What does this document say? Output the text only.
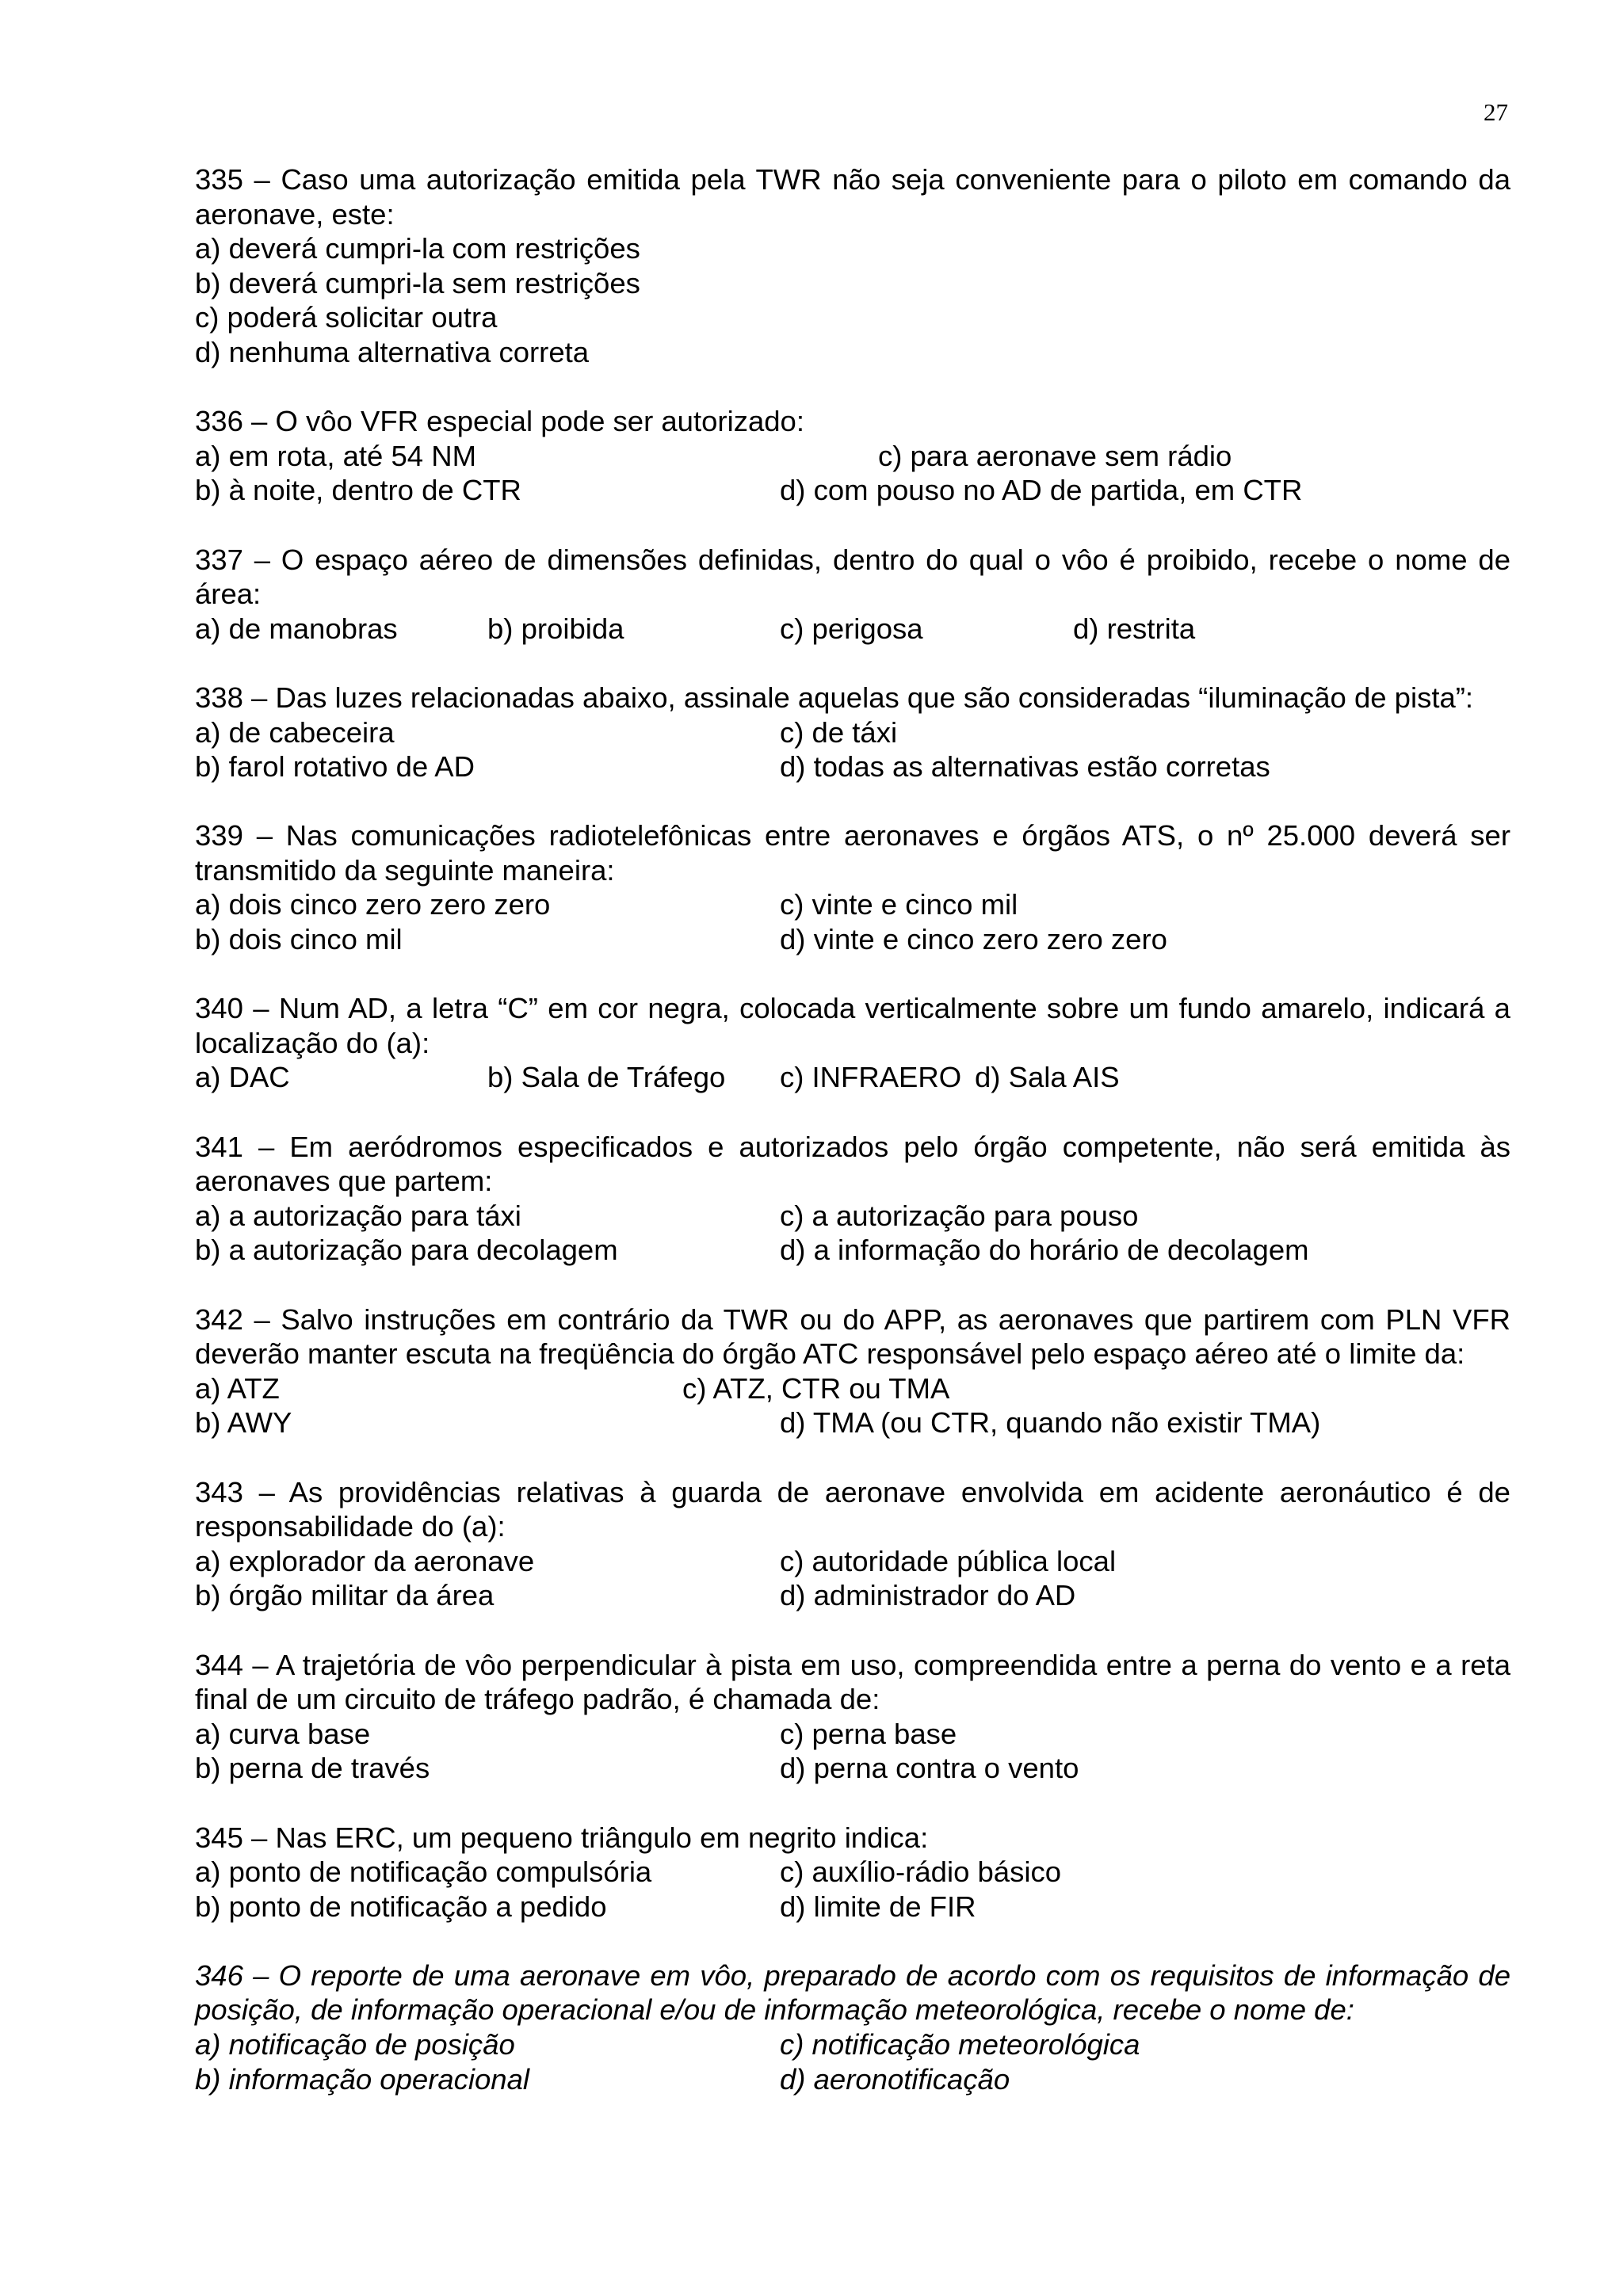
27
335 – Caso uma autorização emitida pela TWR não seja conveniente para o piloto em comando da aeronave, este:
a) deverá cumpri-la com restrições
b) deverá cumpri-la sem restrições
c) poderá solicitar outra
d) nenhuma alternativa correta
336 – O vôo VFR especial pode ser autorizado:
a) em rota, até 54 NM	c) para aeronave sem rádio
b) à noite, dentro de CTR	d) com pouso no AD de partida, em CTR
337 – O espaço aéreo de dimensões definidas, dentro do qual o vôo é proibido, recebe o nome de área:
a) de manobras	b) proibida	c) perigosa	d) restrita
338 – Das luzes relacionadas abaixo, assinale aquelas que são consideradas “iluminação de pista”:
a) de cabeceira	c) de táxi
b) farol rotativo de AD	d) todas as alternativas estão corretas
339 – Nas comunicações radiotelefônicas entre aeronaves e órgãos ATS, o nº 25.000 deverá ser transmitido da seguinte maneira:
a) dois cinco zero zero zero	c) vinte e cinco mil
b) dois cinco mil	d) vinte e cinco zero zero zero
340 – Num AD, a letra “C” em cor negra, colocada verticalmente sobre um fundo amarelo, indicará a localização do (a):
a) DAC	b) Sala de Tráfego c) INFRAERO d) Sala AIS
341 – Em aeródromos especificados e autorizados pelo órgão competente, não será emitida às aeronaves que partem:
a) a autorização para táxi	c) a autorização para pouso
b) a autorização para decolagem	d) a informação do horário de decolagem
342 – Salvo instruções em contrário da TWR ou do APP, as aeronaves que partirem com PLN VFR deverão manter escuta na freqüência do órgão ATC responsável pelo espaço aéreo até o limite da:
a) ATZ	c) ATZ, CTR ou TMA
b) AWY	d) TMA (ou CTR, quando não existir TMA)
343 – As providências relativas à guarda de aeronave envolvida em acidente aeronáutico é de responsabilidade do (a):
a) explorador da aeronave	c) autoridade pública local
b) órgão militar da área	d) administrador do AD
344 – A trajetória de vôo perpendicular à pista em uso, compreendida entre a perna do vento e a reta final de um circuito de tráfego padrão, é chamada de:
a) curva base	c) perna base
b) perna de través	d) perna contra o vento
345 – Nas ERC, um pequeno triângulo em negrito indica:
a) ponto de notificação compulsória	c) auxílio-rádio básico
b) ponto de notificação a pedido	d) limite de FIR
346 – O reporte de uma aeronave em vôo, preparado de acordo com os requisitos de informação de posição, de informação operacional e/ou de informação meteorológica, recebe o nome de:
a) notificação de posição	c) notificação meteorológica
b) informação operacional	d) aeronotificação
